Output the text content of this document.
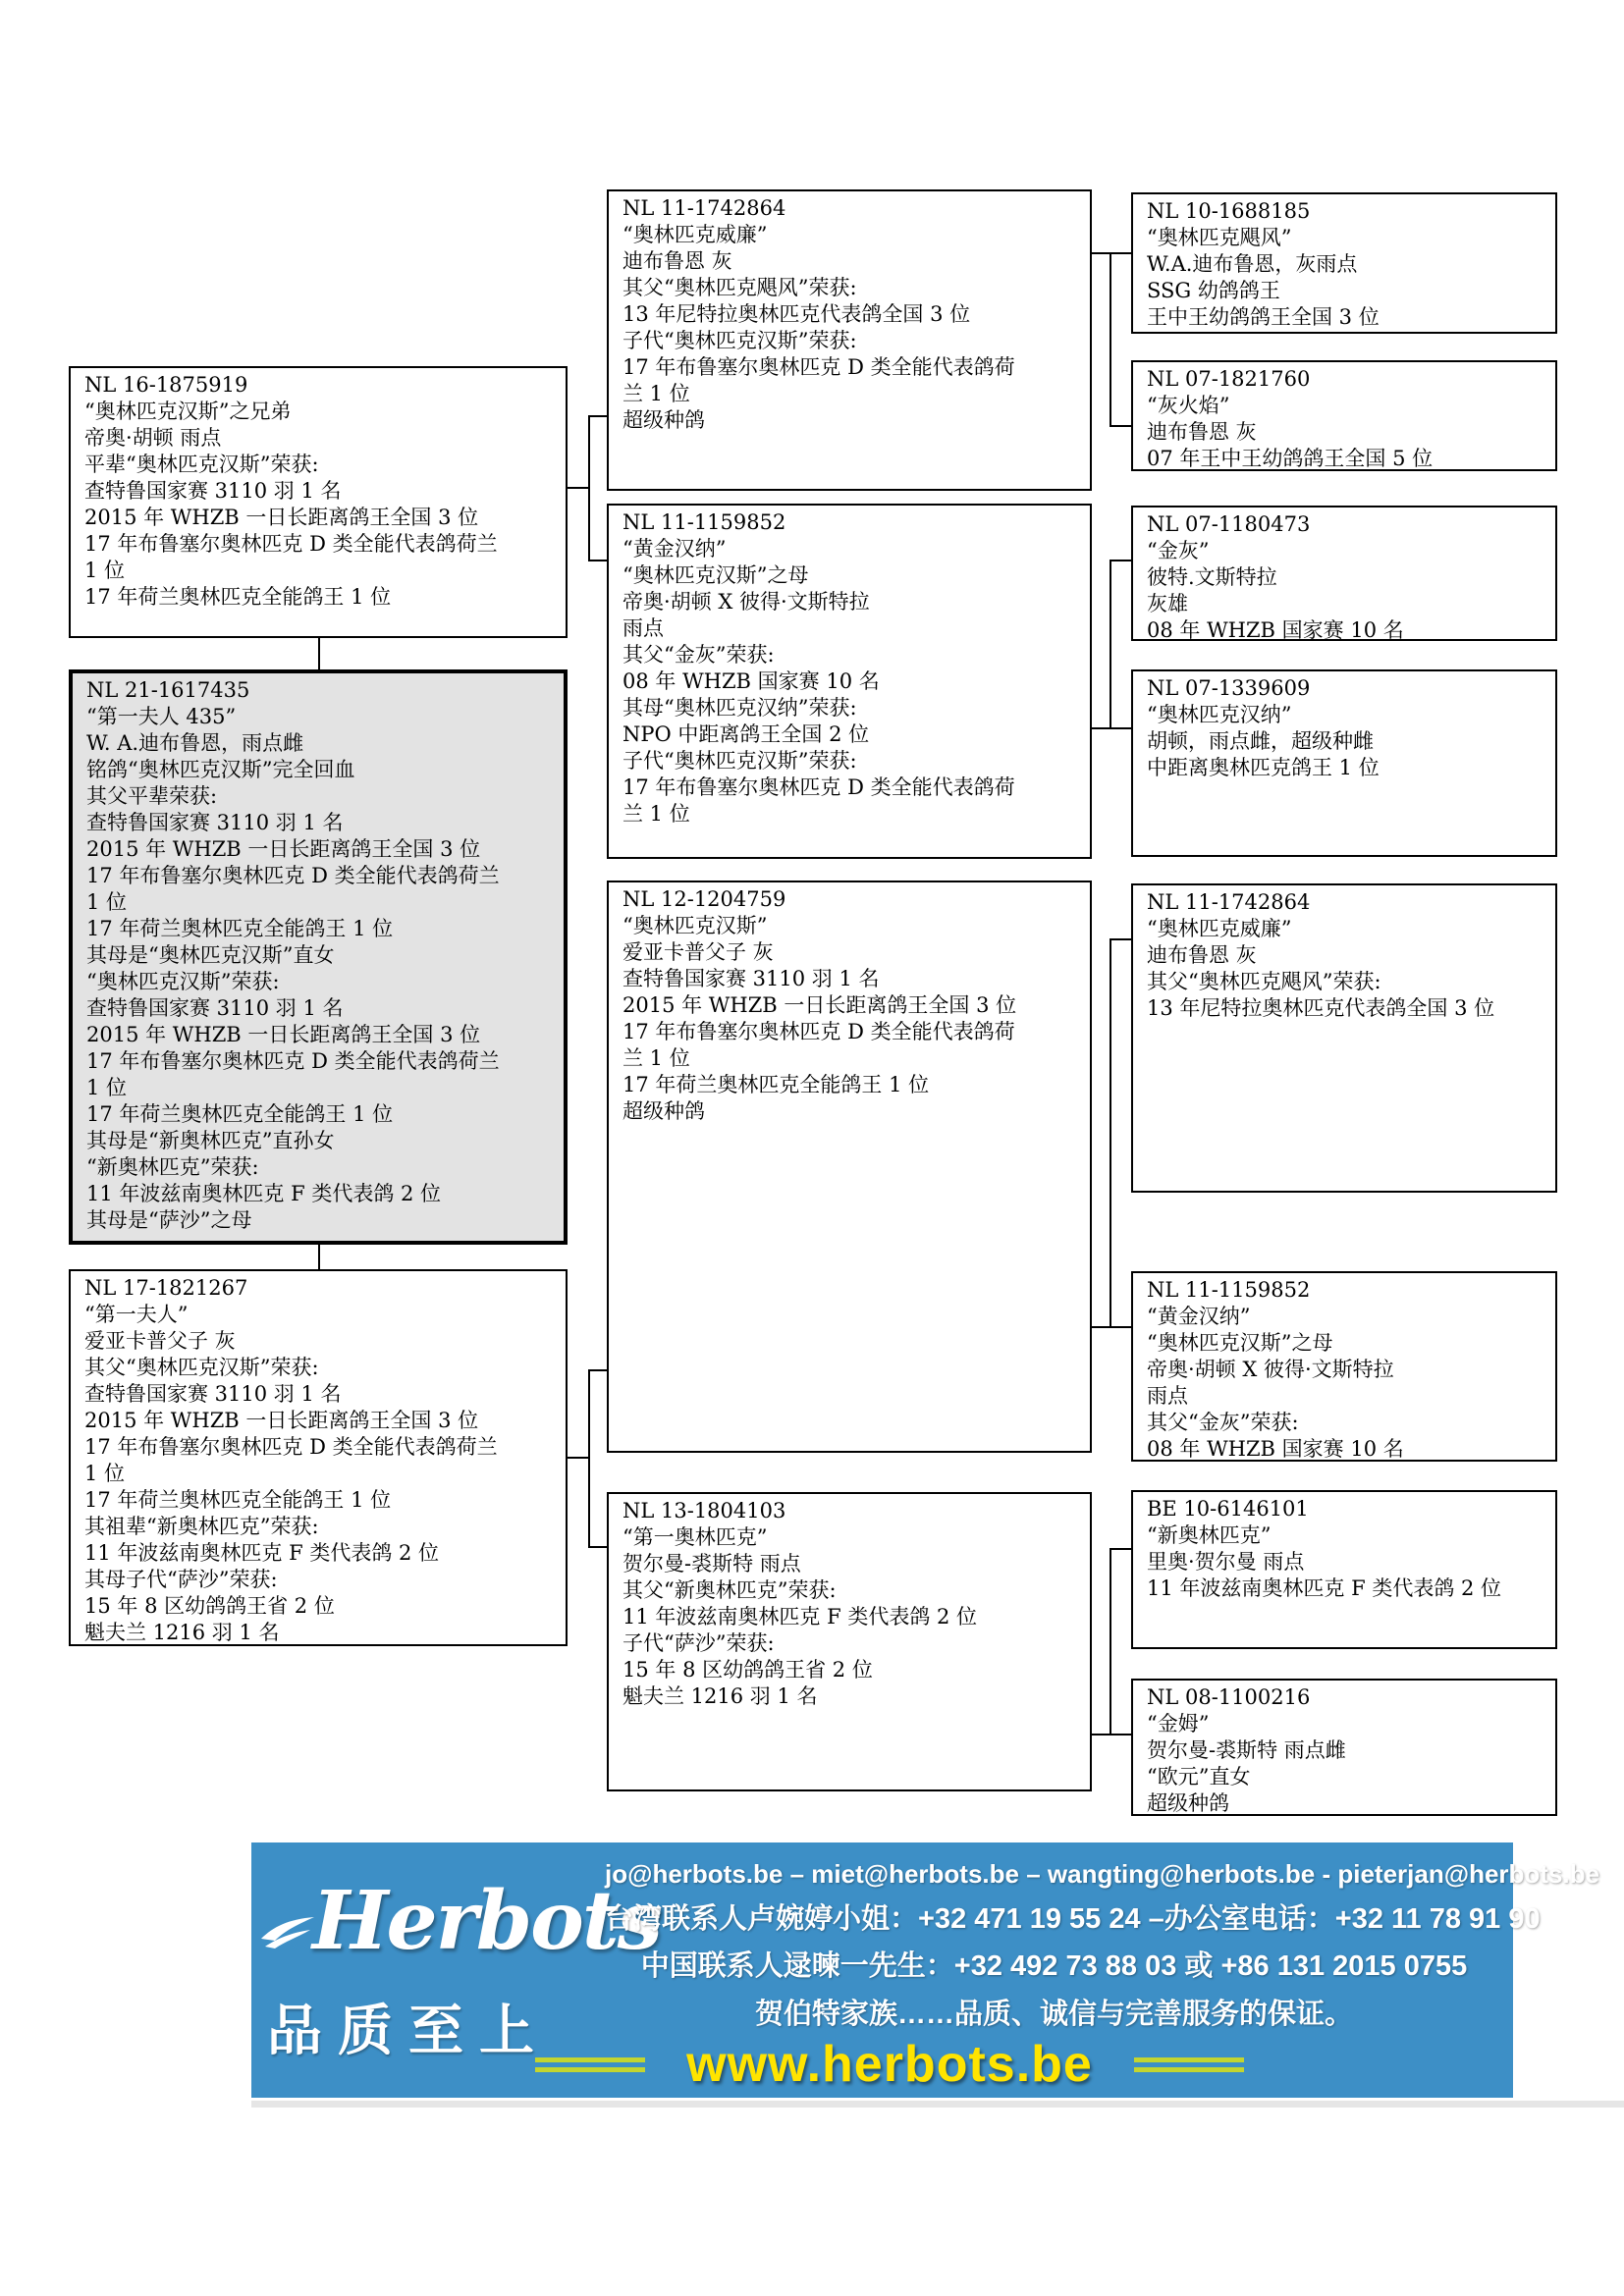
Herbots
品质至上
jo@herbots.be – miet@herbots.be – wangting@herbots.be - pieterjan@herbots.be
台湾联系人卢婉婷小姐：+32 471 19 55 24 –办公室电话：+32 11 78 91 90
中国联系人逯暕一先生：+32 492 73 88 03 或 +86 131 2015 0755
贺伯特家族……品质、诚信与完善服务的保证。
www.herbots.be
NL 16-1875919
“奥林匹克汉斯”之兄弟
帝奥·胡顿 雨点
平辈“奥林匹克汉斯”荣获:
查特鲁国家赛 3110 羽 1 名
2015 年 WHZB 一日长距离鸽王全国 3 位
17 年布鲁塞尔奥林匹克 D 类全能代表鸽荷兰
1 位
17 年荷兰奥林匹克全能鸽王 1 位
NL 21-1617435
“第一夫人 435”
W. A.迪布鲁恩，雨点雌
铭鸽“奥林匹克汉斯”完全回血
其父平辈荣获:
查特鲁国家赛 3110 羽 1 名
2015 年 WHZB 一日长距离鸽王全国 3 位
17 年布鲁塞尔奥林匹克 D 类全能代表鸽荷兰
1 位
17 年荷兰奥林匹克全能鸽王 1 位
其母是“奥林匹克汉斯”直女
“奥林匹克汉斯”荣获:
查特鲁国家赛 3110 羽 1 名
2015 年 WHZB 一日长距离鸽王全国 3 位
17 年布鲁塞尔奥林匹克 D 类全能代表鸽荷兰
1 位
17 年荷兰奥林匹克全能鸽王 1 位
其母是“新奥林匹克”直孙女
“新奥林匹克”荣获:
11 年波兹南奥林匹克 F 类代表鸽 2 位
其母是“萨沙”之母
NL 17-1821267
“第一夫人”
爱亚卡普父子 灰
其父“奥林匹克汉斯”荣获:
查特鲁国家赛 3110 羽 1 名
2015 年 WHZB 一日长距离鸽王全国 3 位
17 年布鲁塞尔奥林匹克 D 类全能代表鸽荷兰
1 位
17 年荷兰奥林匹克全能鸽王 1 位
其祖辈“新奥林匹克”荣获:
11 年波兹南奥林匹克 F 类代表鸽 2 位
其母子代“萨沙”荣获:
15 年 8 区幼鸽鸽王省 2 位
魁夫兰 1216 羽 1 名
NL 11-1742864
“奥林匹克威廉”
迪布鲁恩 灰
其父“奥林匹克飓风”荣获:
13 年尼特拉奥林匹克代表鸽全国 3 位
子代“奥林匹克汉斯”荣获:
17 年布鲁塞尔奥林匹克 D 类全能代表鸽荷
兰 1 位
超级种鸽
NL 11-1159852
“黄金汉纳”
“奥林匹克汉斯”之母
帝奥·胡顿 X 彼得·文斯特拉
雨点
其父“金灰”荣获:
08 年 WHZB 国家赛 10 名
其母“奥林匹克汉纳”荣获:
NPO 中距离鸽王全国 2 位
子代“奥林匹克汉斯”荣获:
17 年布鲁塞尔奥林匹克 D 类全能代表鸽荷
兰 1 位
NL 12-1204759
“奥林匹克汉斯”
爱亚卡普父子 灰
查特鲁国家赛 3110 羽 1 名
2015 年 WHZB 一日长距离鸽王全国 3 位
17 年布鲁塞尔奥林匹克 D 类全能代表鸽荷
兰 1 位
17 年荷兰奥林匹克全能鸽王 1 位
超级种鸽
NL 13-1804103
“第一奥林匹克”
贺尔曼-裘斯特 雨点
其父“新奥林匹克”荣获:
11 年波兹南奥林匹克 F 类代表鸽 2 位
子代“萨沙”荣获:
15 年 8 区幼鸽鸽王省 2 位
魁夫兰 1216 羽 1 名
NL 10-1688185
“奥林匹克飓风”
W.A.迪布鲁恩，灰雨点
SSG 幼鸽鸽王
王中王幼鸽鸽王全国 3 位
NL 07-1821760
“灰火焰”
迪布鲁恩 灰
07 年王中王幼鸽鸽王全国 5 位
NL 07-1180473
“金灰”
彼特.文斯特拉
灰雄
08 年 WHZB 国家赛 10 名
NL 07-1339609
“奥林匹克汉纳”
胡顿，雨点雌，超级种雌
中距离奥林匹克鸽王 1 位
NL 11-1742864
“奥林匹克威廉”
迪布鲁恩 灰
其父“奥林匹克飓风”荣获:
13 年尼特拉奥林匹克代表鸽全国 3 位
NL 11-1159852
“黄金汉纳”
“奥林匹克汉斯”之母
帝奥·胡顿 X 彼得·文斯特拉
雨点
其父“金灰”荣获:
08 年 WHZB 国家赛 10 名
BE 10-6146101
“新奥林匹克”
里奥·贺尔曼 雨点
11 年波兹南奥林匹克 F 类代表鸽 2 位
NL 08-1100216
“金姆”
贺尔曼-裘斯特 雨点雌
“欧元”直女
超级种鸽
